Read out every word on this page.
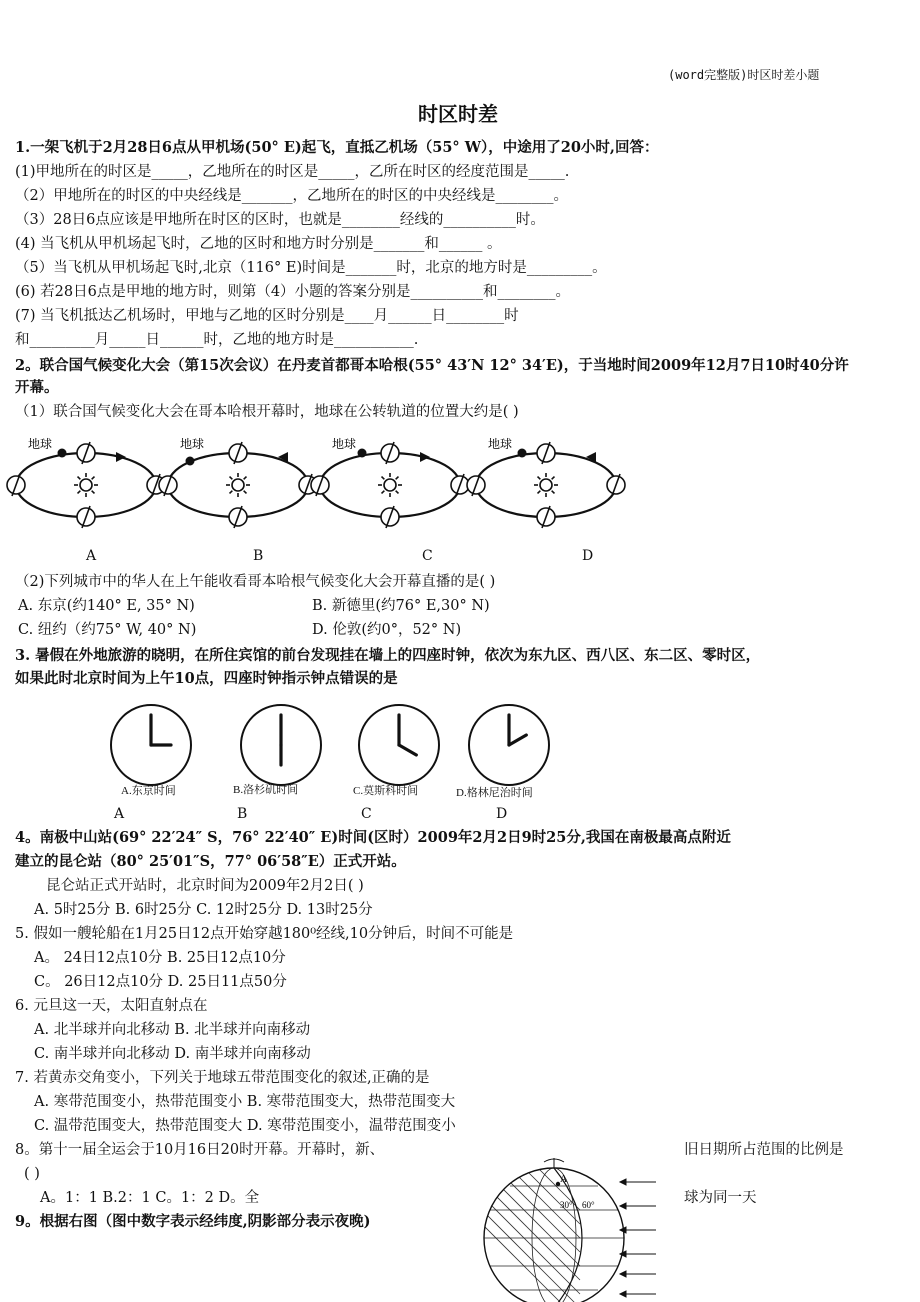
(word完整版)时区时差小题
时区时差
1.一架飞机于2月28日6点从甲机场(50° E)起飞，直抵乙机场（55° W），中途用了20小时,回答：
(1)甲地所在的时区是_____，乙地所在的时区是_____，乙所在时区的经度范围是_____.
（2）甲地所在的时区的中央经线是_______，乙地所在的时区的中央经线是________。
（3）28日6点应该是甲地所在时区的区时，也就是________经线的__________时。
(4) 当飞机从甲机场起飞时，乙地的区时和地方时分别是_______和______ 。
（5）当飞机从甲机场起飞时,北京（116° E)时间是_______时，北京的地方时是_________。
(6) 若28日6点是甲地的地方时，则第（4）小题的答案分别是__________和________。
(7) 当飞机抵达乙机场时，甲地与乙地的区时分别是____月______日________时
和_________月_____日______时，乙地的地方时是___________.
2。联合国气候变化大会（第15次会议）在丹麦首都哥本哈根(55° 43′N 12° 34′E)，于当地时间2009年12月7日10时40分许
开幕。
（1）联合国气候变化大会在哥本哈根开幕时，地球在公转轨道的位置大约是( )
地球	地球	地球	地球
A	B	C	D
（2)下列城市中的华人在上午能收看哥本哈根气候变化大会开幕直播的是( )
A. 东京(约140° E, 35° N)	B. 新德里(约76° E,30° N)
C. 纽约（约75° W, 40° N)	D. 伦敦(约0°，52° N)
3. 暑假在外地旅游的晓明，在所住宾馆的前台发现挂在墙上的四座时钟，依次为东九区、西八区、东二区、零时区，
如果此时北京时间为上午10点，四座时钟指示钟点错误的是
A.东京时间	B.洛杉矶时间	C.莫斯科时间	D.格林尼治时间
A	B	C	D
4。南极中山站(69° 22′24″ S，76° 22′40″ E)时间(区时）2009年2月2日9时25分,我国在南极最高点附近
建立的昆仑站（80° 25′01″S，77° 06′58″E）正式开站。
昆仑站正式开站时，北京时间为2009年2月2日( )
A. 5时25分 B. 6时25分 C. 12时25分 D. 13时25分
5. 假如一艘轮船在1月25日12点开始穿越180⁰经线,10分钟后，时间不可能是
A。 24日12点10分 B. 25日12点10分
C。 26日12点10分 D. 25日11点50分
6. 元旦这一天，太阳直射点在
A. 北半球并向北移动 B. 北半球并向南移动
C. 南半球并向北移动 D. 南半球并向南移动
7. 若黄赤交角变小，下列关于地球五带范围变化的叙述,正确的是
A. 寒带范围变小，热带范围变小 B. 寒带范围变大，热带范围变大
C. 温带范围变大，热带范围变大 D. 寒带范围变小，温带范围变小
8。第十一届全运会于10月16日20时开幕。开幕时，新、	旧日期所占范围的比例是
( )
A。1：1 B.2：1 C。1：2 D。全	球为同一天
9。根据右图（图中数字表示经纬度,阴影部分表示夜晚)
A
30° 60°
